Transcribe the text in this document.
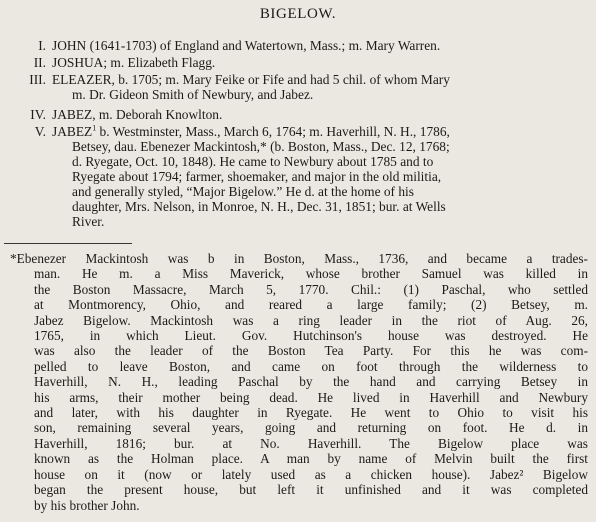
BIGELOW.
I. JOHN (1641-1703) of England and Watertown, Mass.; m. Mary Warren.
II. JOSHUA; m. Elizabeth Flagg.
III. ELEAZER, b. 1705; m. Mary Feike or Fife and had 5 chil. of whom Mary
m. Dr. Gideon Smith of Newbury, and Jabez.
IV. JABEZ, m. Deborah Knowlton.
V. JABEZ$^1$ b. Westminster, Mass., March 6, 1764; m. Haverhill, N. H., 1786,
Betsey, dau. Ebenezer Mackintosh,* (b. Boston, Mass., Dec. 12, 1768;
d. Ryegate, Oct. 10, 1848). He came to Newbury about 1785 and to
Ryegate about 1794; farmer, shoemaker, and major in the old militia,
and generally styled, “Major Bigelow.” He d. at the home of his
daughter, Mrs. Nelson, in Monroe, N. H., Dec. 31, 1851; bur. at Wells
River.
*Ebenezer Mackintosh was b in Boston, Mass., 1736, and became a trades-
man. He m. a Miss Maverick, whose brother Samuel was killed in
the Boston Massacre, March 5, 1770. Chil.: (1) Paschal, who settled
at Montmorency, Ohio, and reared a large family; (2) Betsey, m.
Jabez Bigelow. Mackintosh was a ring leader in the riot of Aug. 26,
1765, in which Lieut. Gov. Hutchinson's house was destroyed. He
was also the leader of the Boston Tea Party. For this he was com-
pelled to leave Boston, and came on foot through the wilderness to
Haverhill, N. H., leading Paschal by the hand and carrying Betsey in
his arms, their mother being dead. He lived in Haverhill and Newbury
and later, with his daughter in Ryegate. He went to Ohio to visit his
son, remaining several years, going and returning on foot. He d. in
Haverhill, 1816; bur. at No. Haverhill. The Bigelow place was
known as the Holman place. A man by name of Melvin built the first
house on it (now or lately used as a chicken house). Jabez² Bigelow
began the present house, but left it unfinished and it was completed
by his brother John.
